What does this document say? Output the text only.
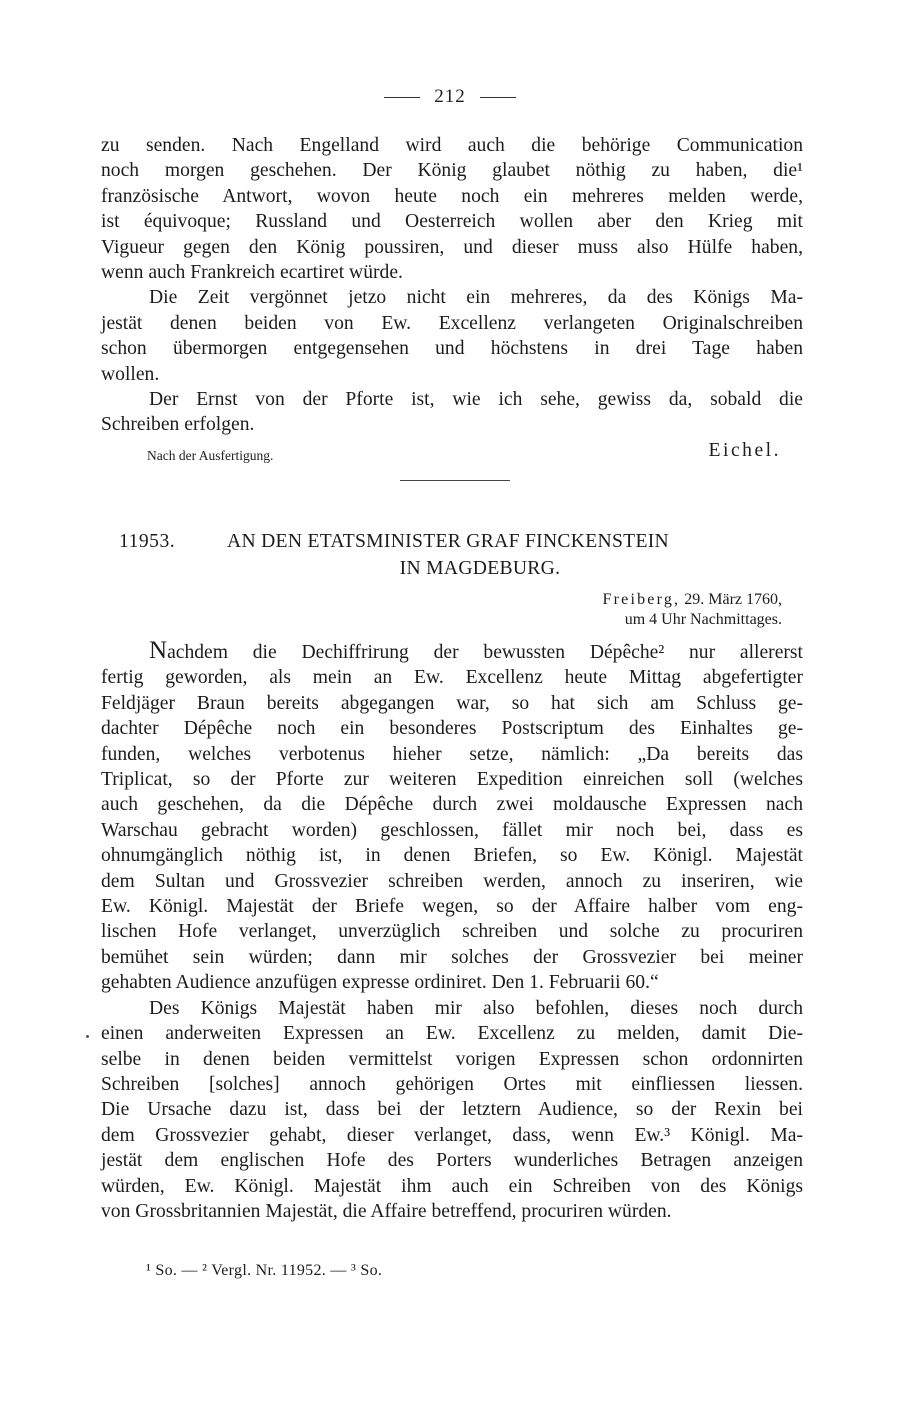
212
zu senden. Nach Engelland wird auch die behörige Communication
noch morgen geschehen. Der König glaubet nöthig zu haben, die¹
französische Antwort, wovon heute noch ein mehreres melden werde,
ist équivoque; Russland und Oesterreich wollen aber den Krieg mit
Vigueur gegen den König poussiren, und dieser muss also Hülfe haben,
wenn auch Frankreich ecartiret würde.
Die Zeit vergönnet jetzo nicht ein mehreres, da des Königs Ma-
jestät denen beiden von Ew. Excellenz verlangeten Originalschreiben
schon übermorgen entgegensehen und höchstens in drei Tage haben
wollen.
Der Ernst von der Pforte ist, wie ich sehe, gewiss da, sobald die
Schreiben erfolgen.
Nach der Ausfertigung.	Eichel.
11953.	AN DEN ETATSMINISTER GRAF FINCKENSTEIN
IN MAGDEBURG.
Freiberg, 29. März 1760,
um 4 Uhr Nachmittages.
Nachdem die Dechiffrirung der bewussten Dépêche² nur allererst
fertig geworden, als mein an Ew. Excellenz heute Mittag abgefertigter
Feldjäger Braun bereits abgegangen war, so hat sich am Schluss ge-
dachter Dépêche noch ein besonderes Postscriptum des Einhaltes ge-
funden, welches verbotenus hieher setze, nämlich: „Da bereits das
Triplicat, so der Pforte zur weiteren Expedition einreichen soll (welches
auch geschehen, da die Dépêche durch zwei moldausche Expressen nach
Warschau gebracht worden) geschlossen, fället mir noch bei, dass es
ohnumgänglich nöthig ist, in denen Briefen, so Ew. Königl. Majestät
dem Sultan und Grossvezier schreiben werden, annoch zu inseriren, wie
Ew. Königl. Majestät der Briefe wegen, so der Affaire halber vom eng-
lischen Hofe verlanget, unverzüglich schreiben und solche zu procuriren
bemühet sein würden; dann mir solches der Grossvezier bei meiner
gehabten Audience anzufügen expresse ordiniret. Den 1. Februarii 60.“
Des Königs Majestät haben mir also befohlen, dieses noch durch
einen anderweiten Expressen an Ew. Excellenz zu melden, damit Die-
selbe in denen beiden vermittelst vorigen Expressen schon ordonnirten
Schreiben [solches] annoch gehörigen Ortes mit einfliessen liessen.
Die Ursache dazu ist, dass bei der letztern Audience, so der Rexin bei
dem Grossvezier gehabt, dieser verlanget, dass, wenn Ew.³ Königl. Ma-
jestät dem englischen Hofe des Porters wunderliches Betragen anzeigen
würden, Ew. Königl. Majestät ihm auch ein Schreiben von des Königs
von Grossbritannien Majestät, die Affaire betreffend, procuriren würden.
¹ So. — ² Vergl. Nr. 11952. — ³ So.
